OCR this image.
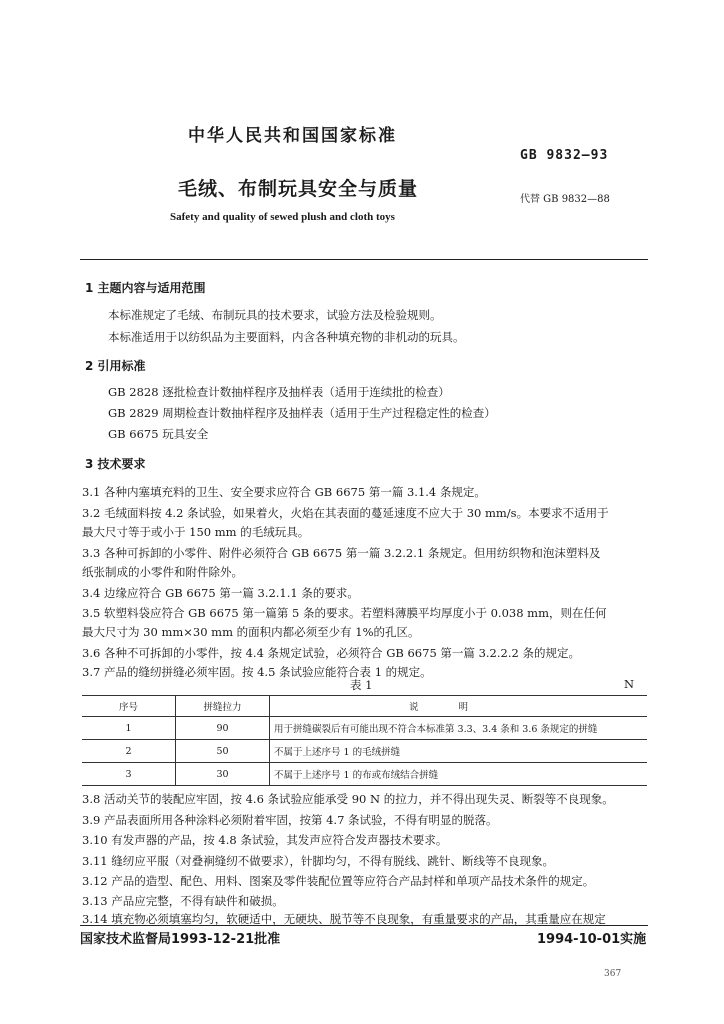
中华人民共和国国家标准
GB 9832—93
毛绒、布制玩具安全与质量	代替 GB 9832—88
Safety and quality of sewed plush and cloth toys
1 主题内容与适用范围
本标准规定了毛绒、布制玩具的技术要求，试验方法及检验规则。
本标准适用于以纺织品为主要面料，内含各种填充物的非机动的玩具。
2 引用标准
GB 2828 逐批检查计数抽样程序及抽样表（适用于连续批的检查）
GB 2829 周期检查计数抽样程序及抽样表（适用于生产过程稳定性的检查）
GB 6675 玩具安全
3 技术要求
3.1 各种内塞填充料的卫生、安全要求应符合 GB 6675 第一篇 3.1.4 条规定。
3.2 毛绒面料按 4.2 条试验，如果着火，火焰在其表面的蔓延速度不应大于 30 mm/s。本要求不适用于
最大尺寸等于或小于 150 mm 的毛绒玩具。
3.3 各种可拆卸的小零件、附件必须符合 GB 6675 第一篇 3.2.2.1 条规定。但用纺织物和泡沫塑料及
纸张制成的小零件和附件除外。
3.4 边缘应符合 GB 6675 第一篇 3.2.1.1 条的要求。
3.5 软塑料袋应符合 GB 6675 第一篇第 5 条的要求。若塑料薄膜平均厚度小于 0.038 mm，则在任何
最大尺寸为 30 mm×30 mm 的面积内都必须至少有 1%的孔区。
3.6 各种不可拆卸的小零件，按 4.4 条规定试验，必须符合 GB 6675 第一篇 3.2.2.2 条的规定。
3.7 产品的缝纫拼缝必须牢固。按 4.5 条试验应能符合表 1 的规定。
表 1	N
序号	拼缝拉力	说明
1	90	用于拼缝碳裂后有可能出现不符合本标准第 3.3、3.4 条和 3.6 条规定的拼缝
2	50	不属于上述序号 1 的毛绒拼缝
3	30	不属于上述序号 1 的布或布绒结合拼缝
3.8 活动关节的装配应牢固，按 4.6 条试验应能承受 90 N 的拉力，并不得出现失灵、断裂等不良现象。
3.9 产品表面所用各种涂料必须附着牢固，按第 4.7 条试验，不得有明显的脱落。
3.10 有发声器的产品，按 4.8 条试验，其发声应符合发声器技术要求。
3.11 缝纫应平服（对叠裥缝纫不做要求），针脚均匀，不得有脱线、跳针、断线等不良现象。
3.12 产品的造型、配色、用料、图案及零件装配位置等应符合产品封样和单项产品技术条件的规定。
3.13 产品应完整，不得有缺件和破损。
3.14 填充物必须填塞均匀，软硬适中，无硬块、脱节等不良现象，有重量要求的产品，其重量应在规定
国家技术监督局1993-12-21批准	1994-10-01实施
367
